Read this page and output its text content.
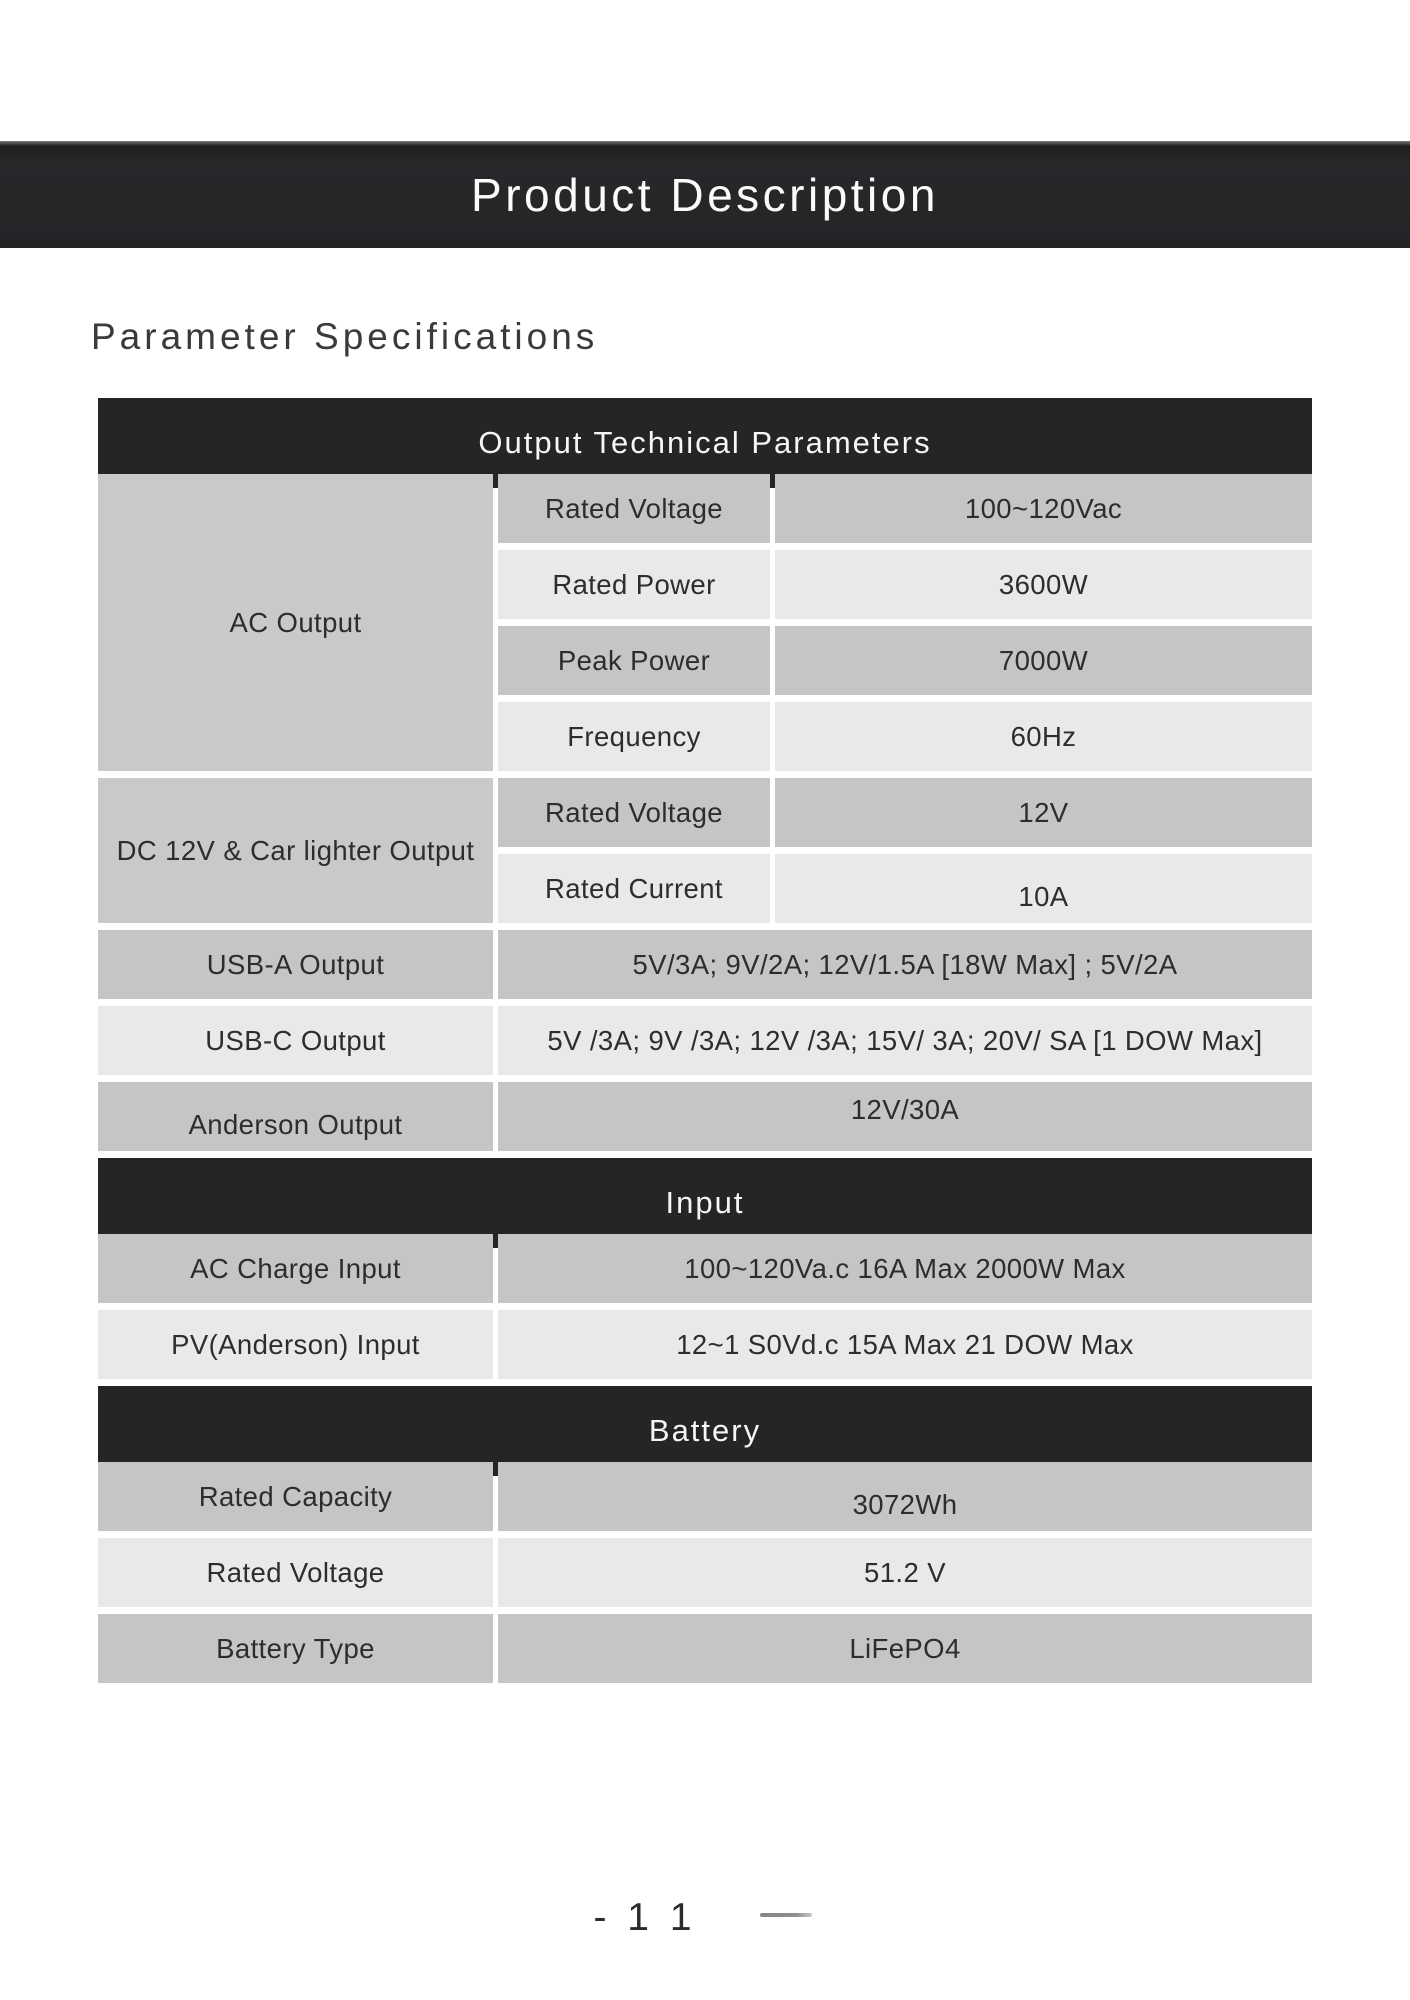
Product Description
Parameter Specifications
Output Technical Parameters
AC Output
Rated Voltage	100~120Vac
Rated Power	3600W
Peak Power	7000W
Frequency	60Hz
DC 12V & Car lighter Output
Rated Voltage	12V
Rated Current	10A
USB-A Output	5V/3A; 9V/2A; 12V/1.5A [18W Max] ; 5V/2A
USB-C Output	5V /3A; 9V /3A; 12V /3A; 15V/ 3A; 20V/ SA [1 DOW Max]
Anderson Output	12V/30A
Input
AC Charge Input	100~120Va.c 16A Max 2000W Max
PV(Anderson) Input	12~1 S0Vd.c 15A Max 21 DOW Max
Battery
Rated Capacity	3072Wh
Rated Voltage	51.2 V
Battery Type	LiFePO4
- 1 1
